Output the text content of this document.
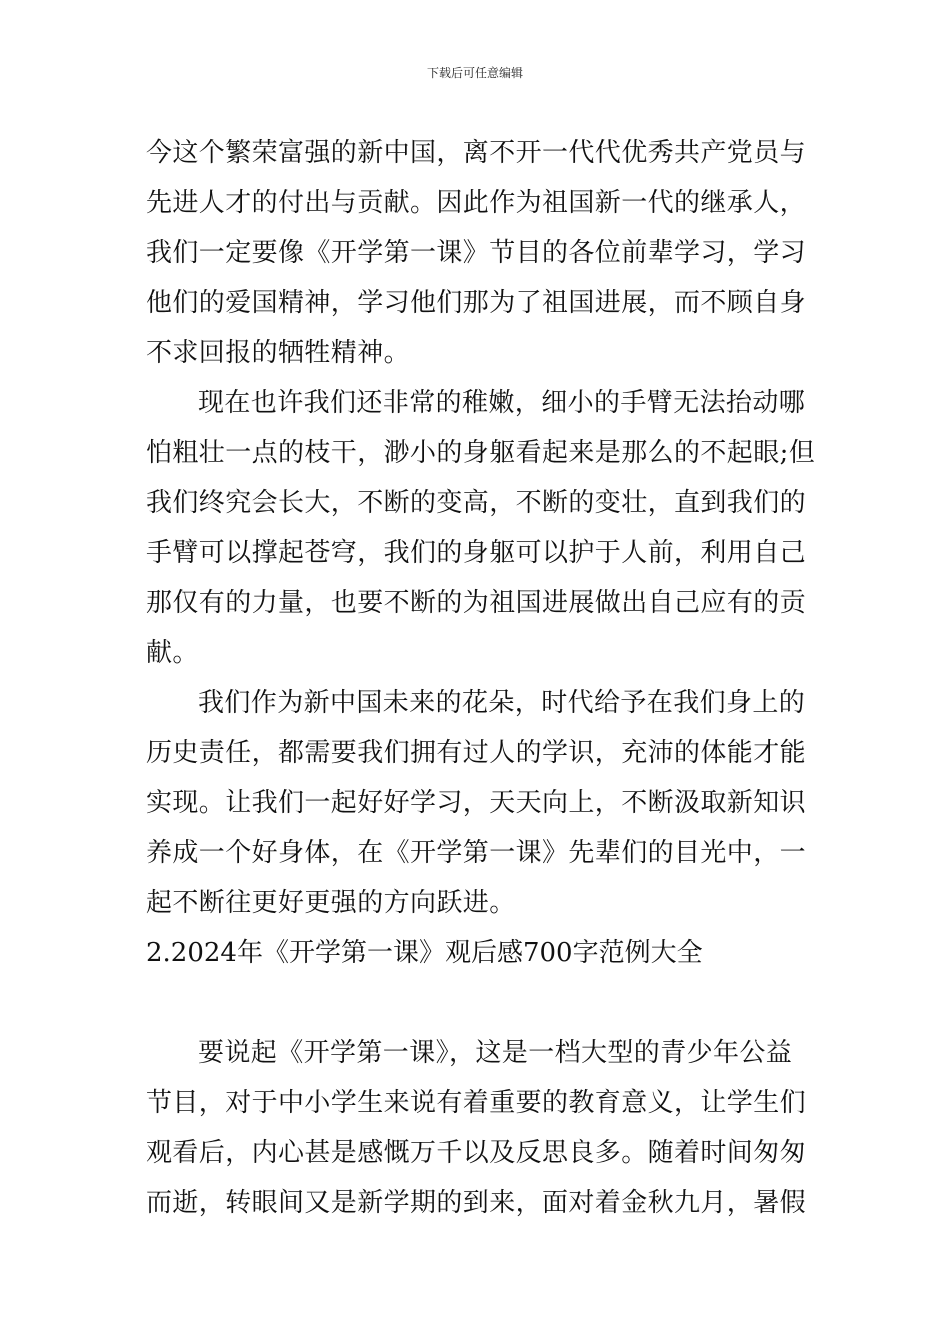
下载后可任意编辑
今这个繁荣富强的新中国，离不开一代代优秀共产党员与
先进人才的付出与贡献。因此作为祖国新一代的继承人，
我们一定要像《开学第一课》节目的各位前辈学习，学习
他们的爱国精神，学习他们那为了祖国进展，而不顾自身
不求回报的牺牲精神。
现在也许我们还非常的稚嫩，细小的手臂无法抬动哪
怕粗壮一点的枝干，渺小的身躯看起来是那么的不起眼;但
我们终究会长大，不断的变高，不断的变壮，直到我们的
手臂可以撑起苍穹，我们的身躯可以护于人前，利用自己
那仅有的力量，也要不断的为祖国进展做出自己应有的贡
献。
我们作为新中国未来的花朵，时代给予在我们身上的
历史责任，都需要我们拥有过人的学识，充沛的体能才能
实现。让我们一起好好学习，天天向上，不断汲取新知识
养成一个好身体，在《开学第一课》先辈们的目光中，一
起不断往更好更强的方向跃进。
2.2024年《开学第一课》观后感700字范例大全
要说起《开学第一课》，这是一档大型的青少年公益
节目，对于中小学生来说有着重要的教育意义，让学生们
观看后，内心甚是感慨万千以及反思良多。随着时间匆匆
而逝，转眼间又是新学期的到来，面对着金秋九月，暑假
